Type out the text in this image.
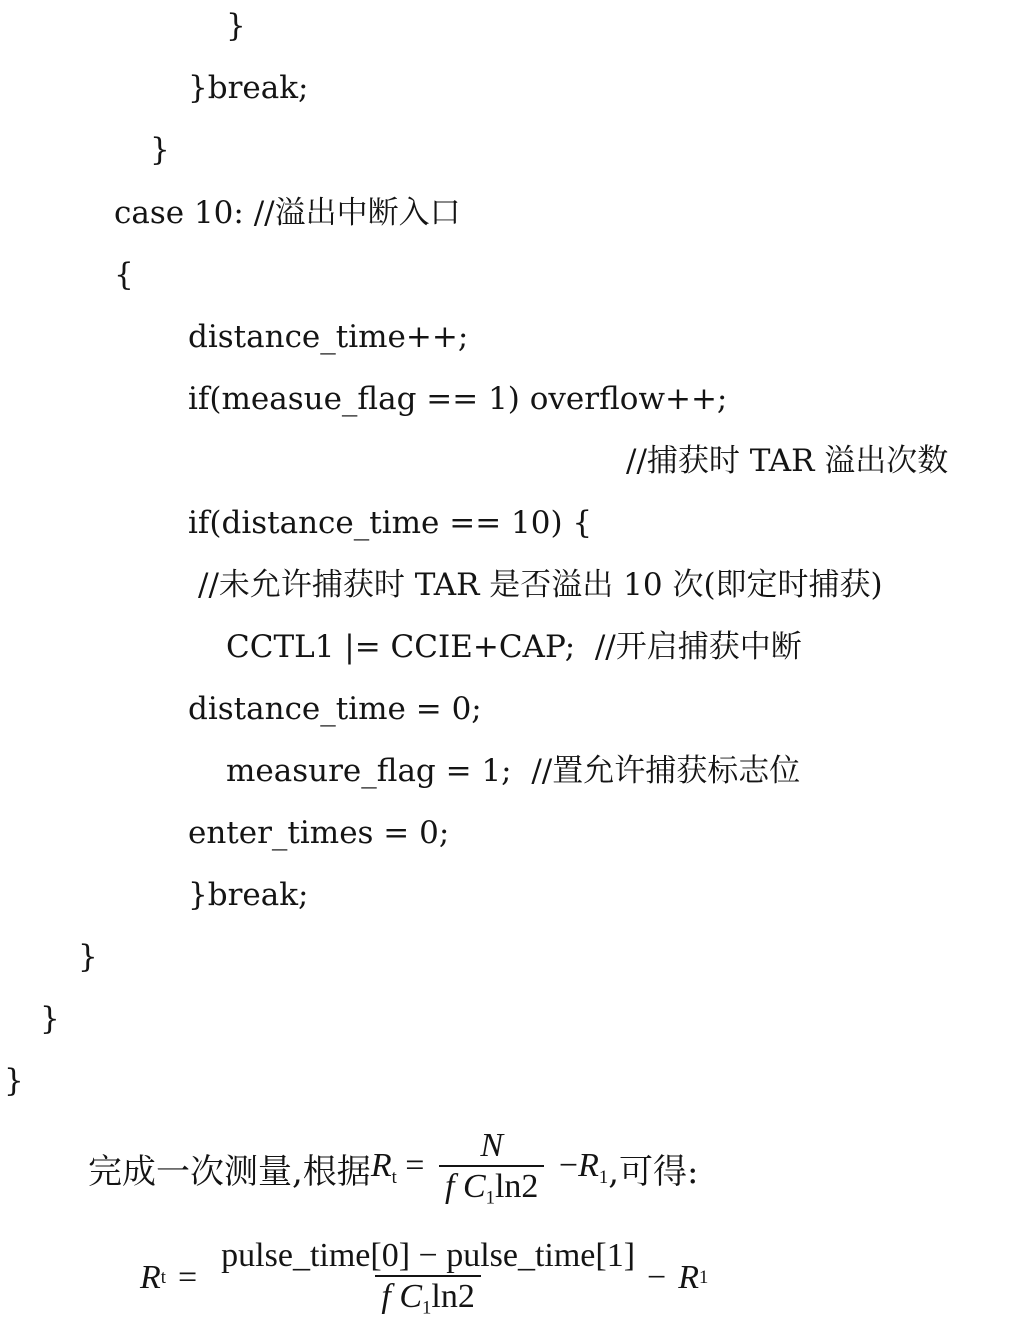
}
}break;
}
case 10: //溢出中断入口
{
distance_time++;
if(measue_flag == 1) overflow++;
//捕获时 TAR 溢出次数
if(distance_time == 10) {
//未允许捕获时 TAR 是否溢出 10 次(即定时捕获)
CCTL1 |= CCIE+CAP;  //开启捕获中断
distance_time = 0;
measure_flag = 1;  //置允许捕获标志位
enter_times = 0;
}break;
}
}
}
完成一次测量,根据 $R_t = \frac{N}{f C_1\ln 2} -R_1$ ,可得:
R $t = \frac{\text{pulse\_time[0] − pulse\_time[1]}}{f C_1\ln 2} - R$ 1
